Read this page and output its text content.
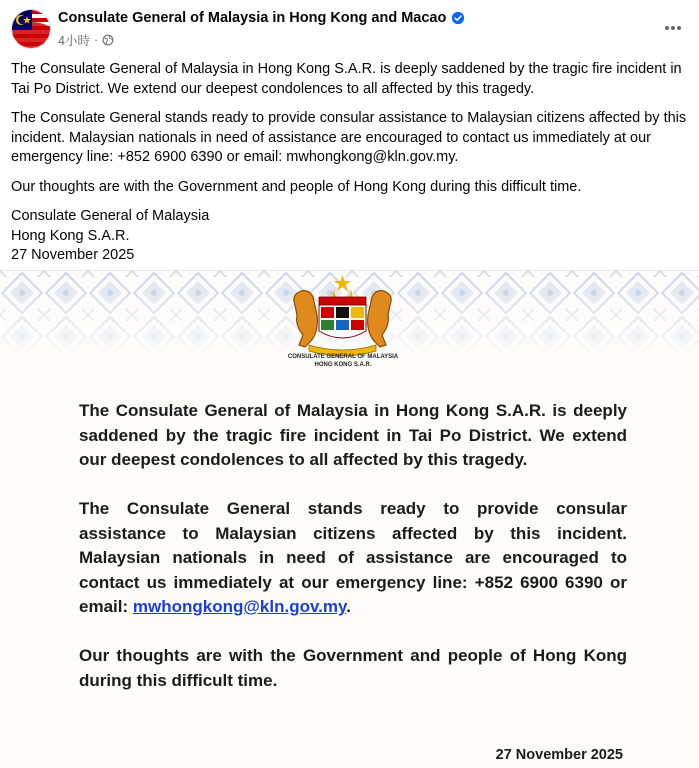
Consulate General of Malaysia in Hong Kong and Macao
4小時 ·

The Consulate General of Malaysia in Hong Kong S.A.R. is deeply saddened by the tragic fire incident in Tai Po District. We extend our deepest condolences to all affected by this tragedy.

The Consulate General stands ready to provide consular assistance to Malaysian citizens affected by this incident. Malaysian nationals in need of assistance are encouraged to contact us immediately at our emergency line: +852 6900 6390 or email: mwhongkong@kln.gov.my.

Our thoughts are with the Government and people of Hong Kong during this difficult time.

Consulate General of Malaysia

Hong Kong S.A.R.

27 November 2025

CONSULATE GENERAL OF MALAYSIA
HONG KONG S.A.R.

The Consulate General of Malaysia in Hong Kong S.A.R. is deeply saddened by the tragic fire incident in Tai Po District. We extend our deepest condolences to all affected by this tragedy.

The Consulate General stands ready to provide consular assistance to Malaysian citizens affected by this incident. Malaysian nationals in need of assistance are encouraged to contact us immediately at our emergency line: +852 6900 6390 or email: mwhongkong@kln.gov.my.

Our thoughts are with the Government and people of Hong Kong during this difficult time.

27 November 2025
